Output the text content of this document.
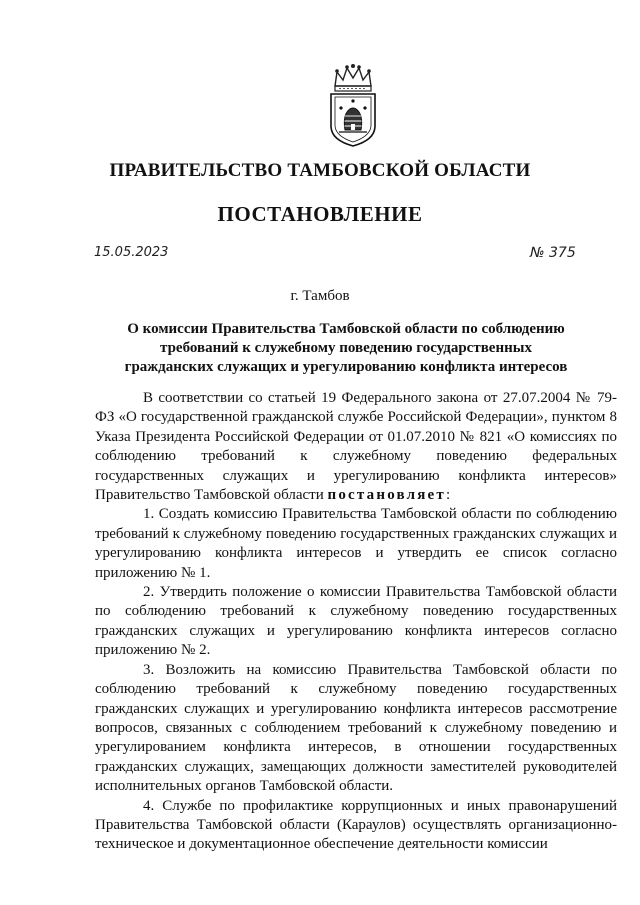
ПРАВИТЕЛЬСТВО ТАМБОВСКОЙ ОБЛАСТИ
ПОСТАНОВЛЕНИЕ
15.05.2023	№ 375
г. Тамбов
О комиссии Правительства Тамбовской области по соблюдению требований к служебному поведению государственных гражданских служащих и урегулированию конфликта интересов

В соответствии со статьей 19 Федерального закона от 27.07.2004 № 79-ФЗ «О государственной гражданской службе Российской Федерации», пунктом 8 Указа Президента Российской Федерации от 01.07.2010 № 821 «О комиссиях по соблюдению требований к служебному поведению федеральных государственных служащих и урегулированию конфликта интересов» Правительство Тамбовской области постановляет:

1. Создать комиссию Правительства Тамбовской области по соблюдению требований к служебному поведению государственных гражданских служащих и урегулированию конфликта интересов и утвердить ее список согласно приложению № 1.

2. Утвердить положение о комиссии Правительства Тамбовской области по соблюдению требований к служебному поведению государственных гражданских служащих и урегулированию конфликта интересов согласно приложению № 2.

3. Возложить на комиссию Правительства Тамбовской области по соблюдению требований к служебному поведению государственных гражданских служащих и урегулированию конфликта интересов рассмотрение вопросов, связанных с соблюдением требований к служебному поведению и урегулированием конфликта интересов, в отношении государственных гражданских служащих, замещающих должности заместителей руководителей исполнительных органов Тамбовской области.

4. Службе по профилактике коррупционных и иных правонарушений Правительства Тамбовской области (Караулов) осуществлять организационно-техническое и документационное обеспечение деятельности комиссии
